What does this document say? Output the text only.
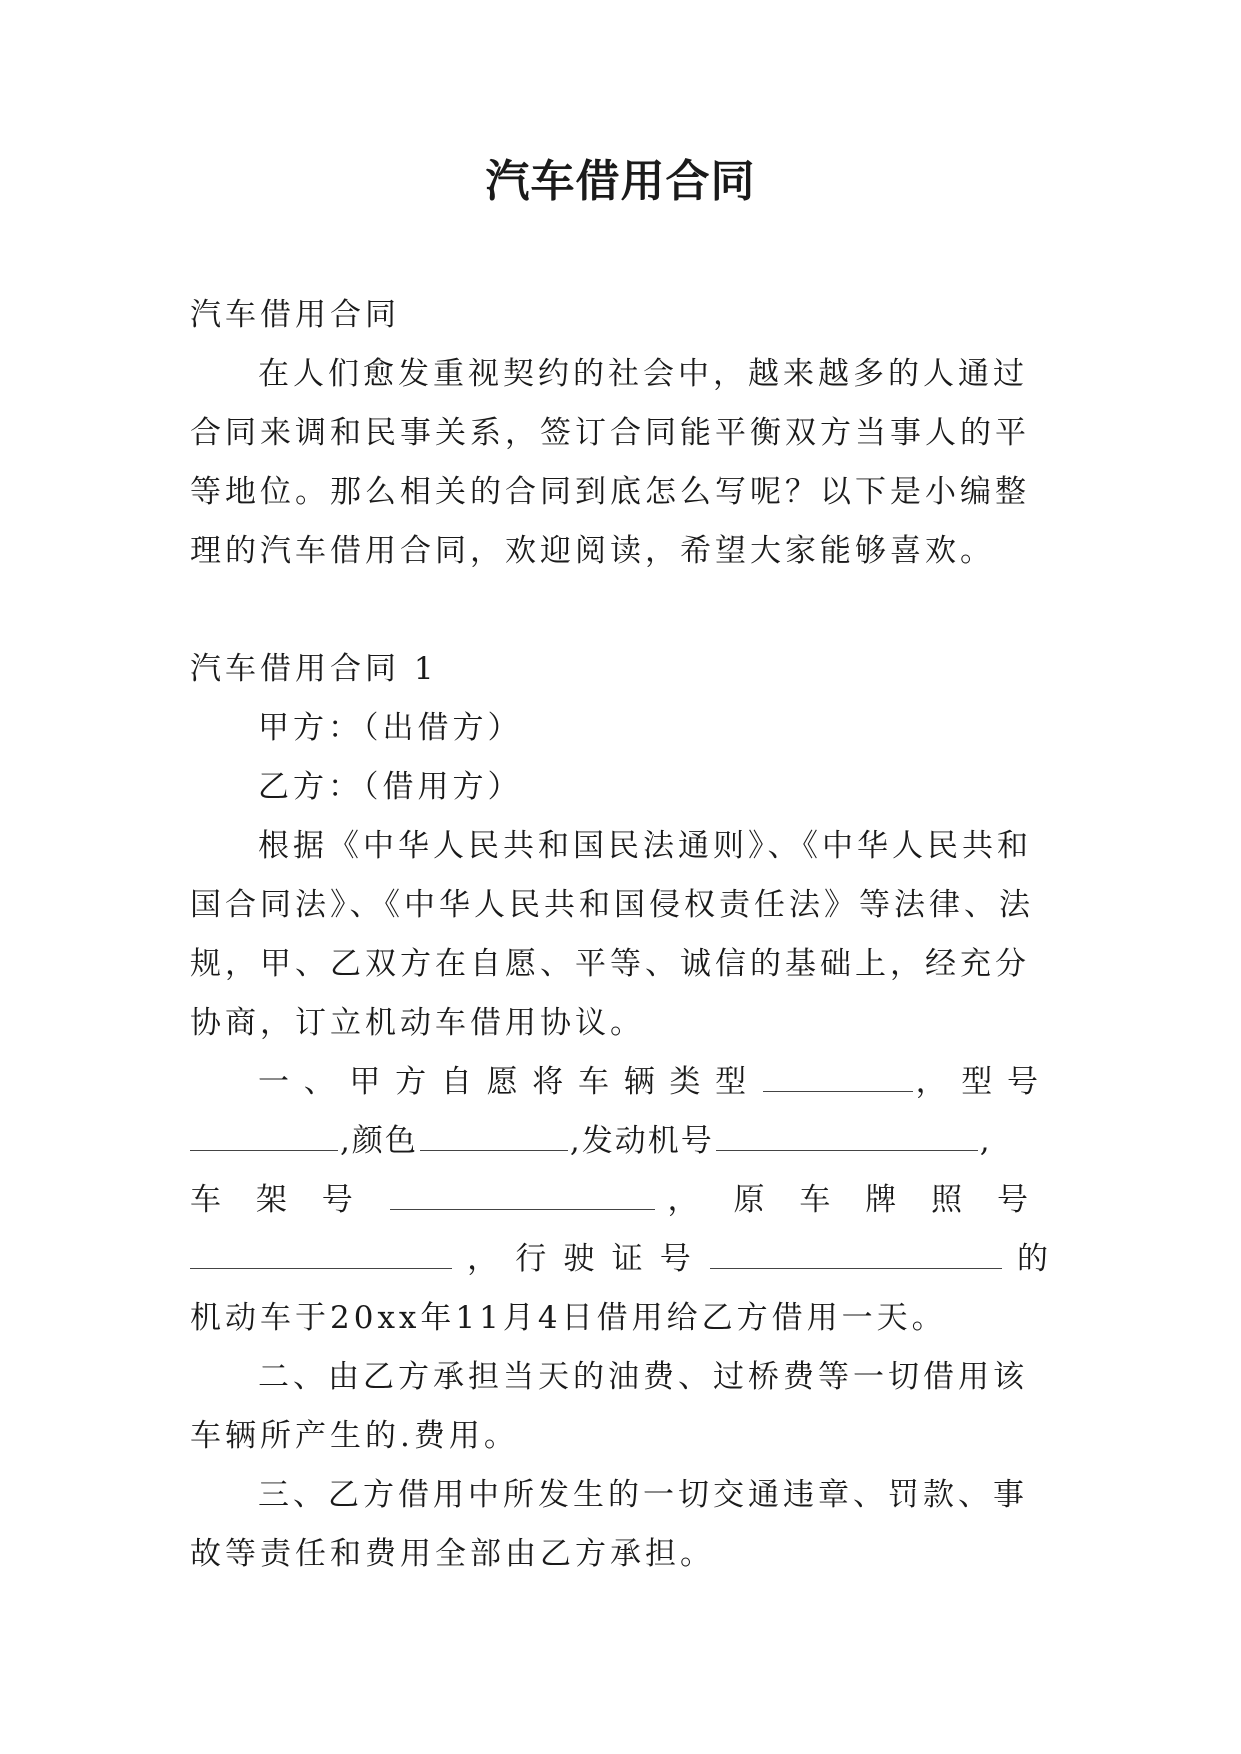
汽车借用合同

汽车借用合同

在人们愈发重视契约的社会中，越来越多的人通过合同来调和民事关系，签订合同能平衡双方当事人的平等地位。那么相关的合同到底怎么写呢？以下是小编整理的汽车借用合同，欢迎阅读，希望大家能够喜欢。

汽车借用合同 1

甲方：（出借方）

乙方：（借用方）

根据《中华人民共和国民法通则》、《中华人民共和国合同法》、《中华人民共和国侵权责任法》等法律、法规，甲、乙双方在自愿、平等、诚信的基础上，经充分协商，订立机动车借用协议。

一、甲方自愿将车辆类型	，型号

,颜色	,发动机号	,

车架号	，原车牌照号

，行驶证号	的

机动车于20xx年11月4日借用给乙方借用一天。

二、由乙方承担当天的油费、过桥费等一切借用该车辆所产生的.费用。

三、乙方借用中所发生的一切交通违章、罚款、事故等责任和费用全部由乙方承担。
